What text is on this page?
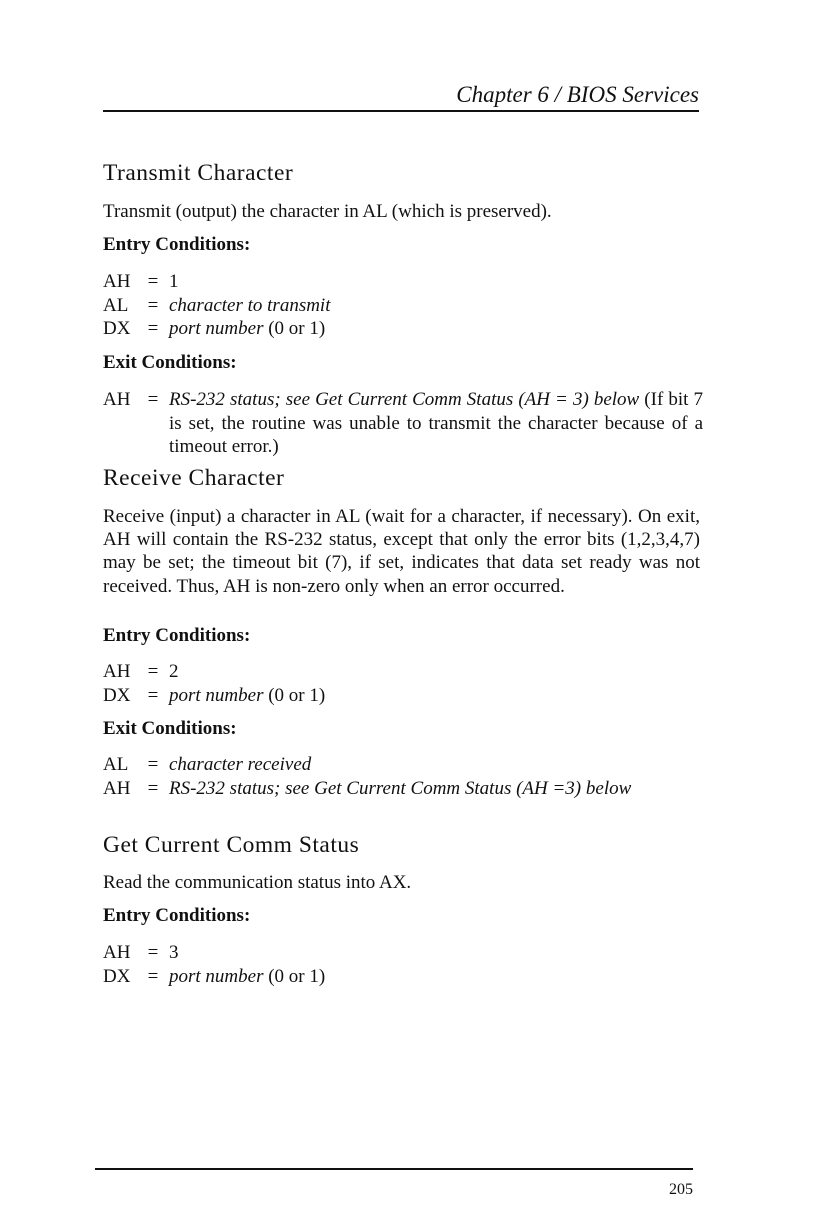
Chapter 6 / BIOS Services
Transmit Character
Transmit (output) the character in AL (which is preserved).
Entry Conditions:
AH = 1
AL	= character to transmit
DX = port number (0 or 1)
Exit Conditions:
AH = RS-232 status; see Get Current Comm Status (AH = 3) below (If bit 7 is set, the routine was unable to transmit the character because of a timeout error.)
Receive Character
Receive (input) a character in AL (wait for a character, if necessary). On exit, AH will contain the RS-232 status, except that only the error bits (1,2,3,4,7) may be set; the timeout bit (7), if set, indicates that data set ready was not received. Thus, AH is non-zero only when an error occurred.
Entry Conditions:
AH = 2
DX = port number (0 or 1)
Exit Conditions:
AL	= character received
AH = RS-232 status; see Get Current Comm Status (AH =3) below
Get Current Comm Status
Read the communication status into AX.
Entry Conditions:
AH = 3
DX = port number (0 or 1)
205
